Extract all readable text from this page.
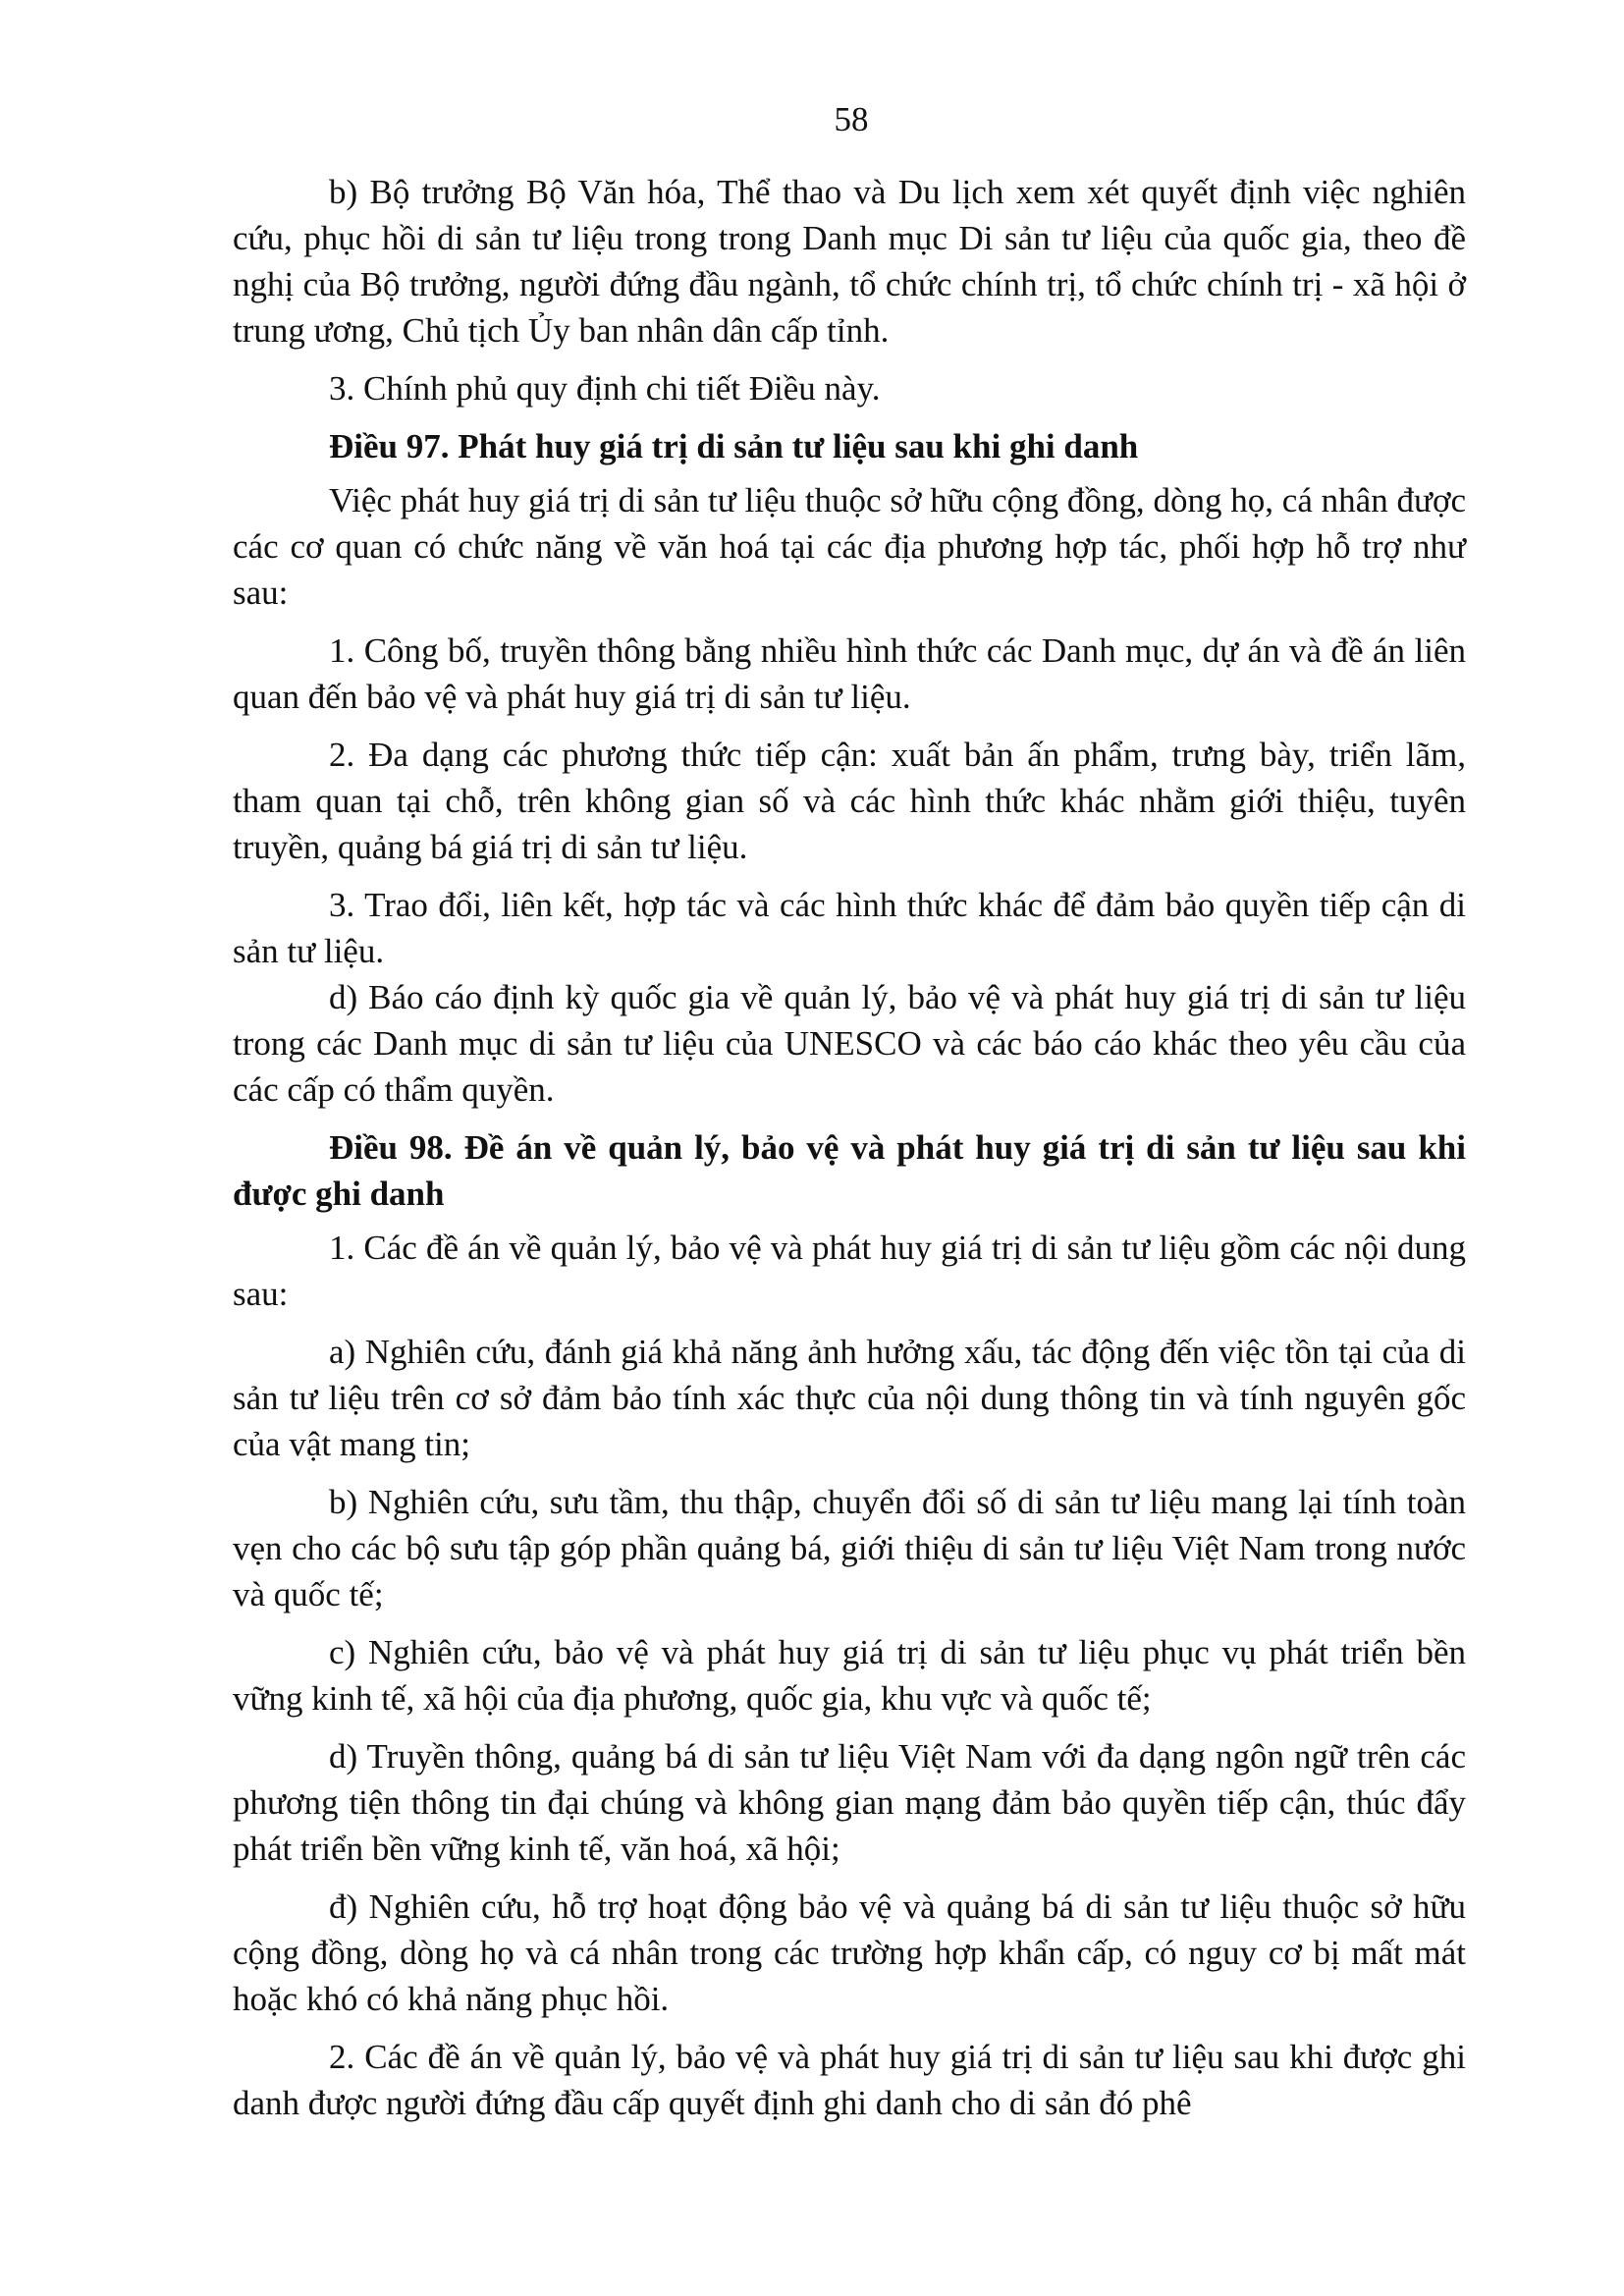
58

b) Bộ trưởng Bộ Văn hóa, Thể thao và Du lịch xem xét quyết định việc nghiên cứu, phục hồi di sản tư liệu trong trong Danh mục Di sản tư liệu của quốc gia, theo đề nghị của Bộ trưởng, người đứng đầu ngành, tổ chức chính trị, tổ chức chính trị - xã hội ở trung ương, Chủ tịch Ủy ban nhân dân cấp tỉnh.

3. Chính phủ quy định chi tiết Điều này.

Điều 97. Phát huy giá trị di sản tư liệu sau khi ghi danh

Việc phát huy giá trị di sản tư liệu thuộc sở hữu cộng đồng, dòng họ, cá nhân được các cơ quan có chức năng về văn hoá tại các địa phương hợp tác, phối hợp hỗ trợ như sau:

1. Công bố, truyền thông bằng nhiều hình thức các Danh mục, dự án và đề án liên quan đến bảo vệ và phát huy giá trị di sản tư liệu.

2. Đa dạng các phương thức tiếp cận: xuất bản ấn phẩm, trưng bày, triển lãm, tham quan tại chỗ, trên không gian số và các hình thức khác nhằm giới thiệu, tuyên truyền, quảng bá giá trị di sản tư liệu.

3. Trao đổi, liên kết, hợp tác và các hình thức khác để đảm bảo quyền tiếp cận di sản tư liệu.

d) Báo cáo định kỳ quốc gia về quản lý, bảo vệ và phát huy giá trị di sản tư liệu trong các Danh mục di sản tư liệu của UNESCO và các báo cáo khác theo yêu cầu của các cấp có thẩm quyền.

Điều 98. Đề án về quản lý, bảo vệ và phát huy giá trị di sản tư liệu sau khi được ghi danh

1. Các đề án về quản lý, bảo vệ và phát huy giá trị di sản tư liệu gồm các nội dung sau:

a) Nghiên cứu, đánh giá khả năng ảnh hưởng xấu, tác động đến việc tồn tại của di sản tư liệu trên cơ sở đảm bảo tính xác thực của nội dung thông tin và tính nguyên gốc của vật mang tin;

b) Nghiên cứu, sưu tầm, thu thập, chuyển đổi số di sản tư liệu mang lại tính toàn vẹn cho các bộ sưu tập góp phần quảng bá, giới thiệu di sản tư liệu Việt Nam trong nước và quốc tế;

c) Nghiên cứu, bảo vệ và phát huy giá trị di sản tư liệu phục vụ phát triển bền vững kinh tế, xã hội của địa phương, quốc gia, khu vực và quốc tế;

d) Truyền thông, quảng bá di sản tư liệu Việt Nam với đa dạng ngôn ngữ trên các phương tiện thông tin đại chúng và không gian mạng đảm bảo quyền tiếp cận, thúc đẩy phát triển bền vững kinh tế, văn hoá, xã hội;

đ) Nghiên cứu, hỗ trợ hoạt động bảo vệ và quảng bá di sản tư liệu thuộc sở hữu cộng đồng, dòng họ và cá nhân trong các trường hợp khẩn cấp, có nguy cơ bị mất mát hoặc khó có khả năng phục hồi.

2. Các đề án về quản lý, bảo vệ và phát huy giá trị di sản tư liệu sau khi được ghi danh được người đứng đầu cấp quyết định ghi danh cho di sản đó phê
